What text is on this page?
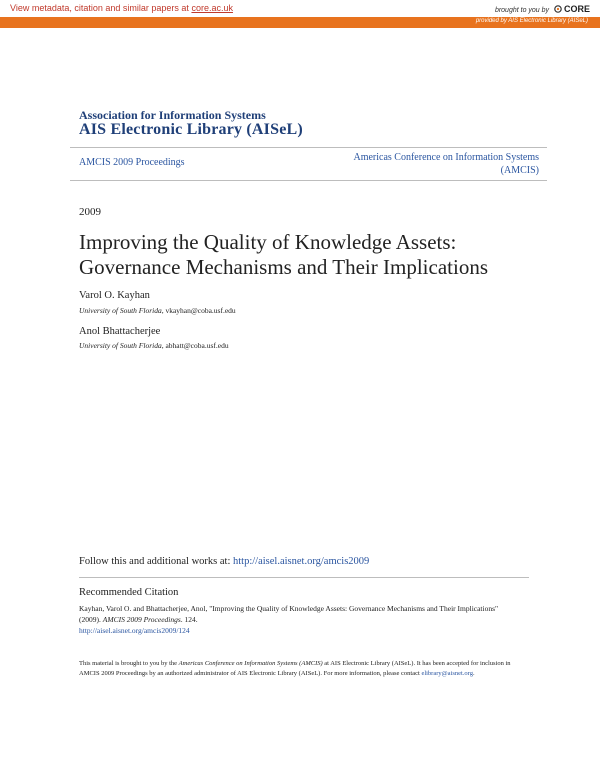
View metadata, citation and similar papers at core.ac.uk	brought to you by CORE
provided by AIS Electronic Library (AISeL)
Association for Information Systems
AIS Electronic Library (AISeL)
AMCIS 2009 Proceedings	Americas Conference on Information Systems
(AMCIS)
2009
Improving the Quality of Knowledge Assets: Governance Mechanisms and Their Implications
Varol O. Kayhan
University of South Florida, vkayhan@coba.usf.edu
Anol Bhattacherjee
University of South Florida, abhatt@coba.usf.edu
Follow this and additional works at: http://aisel.aisnet.org/amcis2009
Recommended Citation
Kayhan, Varol O. and Bhattacherjee, Anol, "Improving the Quality of Knowledge Assets: Governance Mechanisms and Their Implications" (2009). AMCIS 2009 Proceedings. 124.
http://aisel.aisnet.org/amcis2009/124
This material is brought to you by the Americas Conference on Information Systems (AMCIS) at AIS Electronic Library (AISeL). It has been accepted for inclusion in AMCIS 2009 Proceedings by an authorized administrator of AIS Electronic Library (AISeL). For more information, please contact elibrary@aisnet.org.
